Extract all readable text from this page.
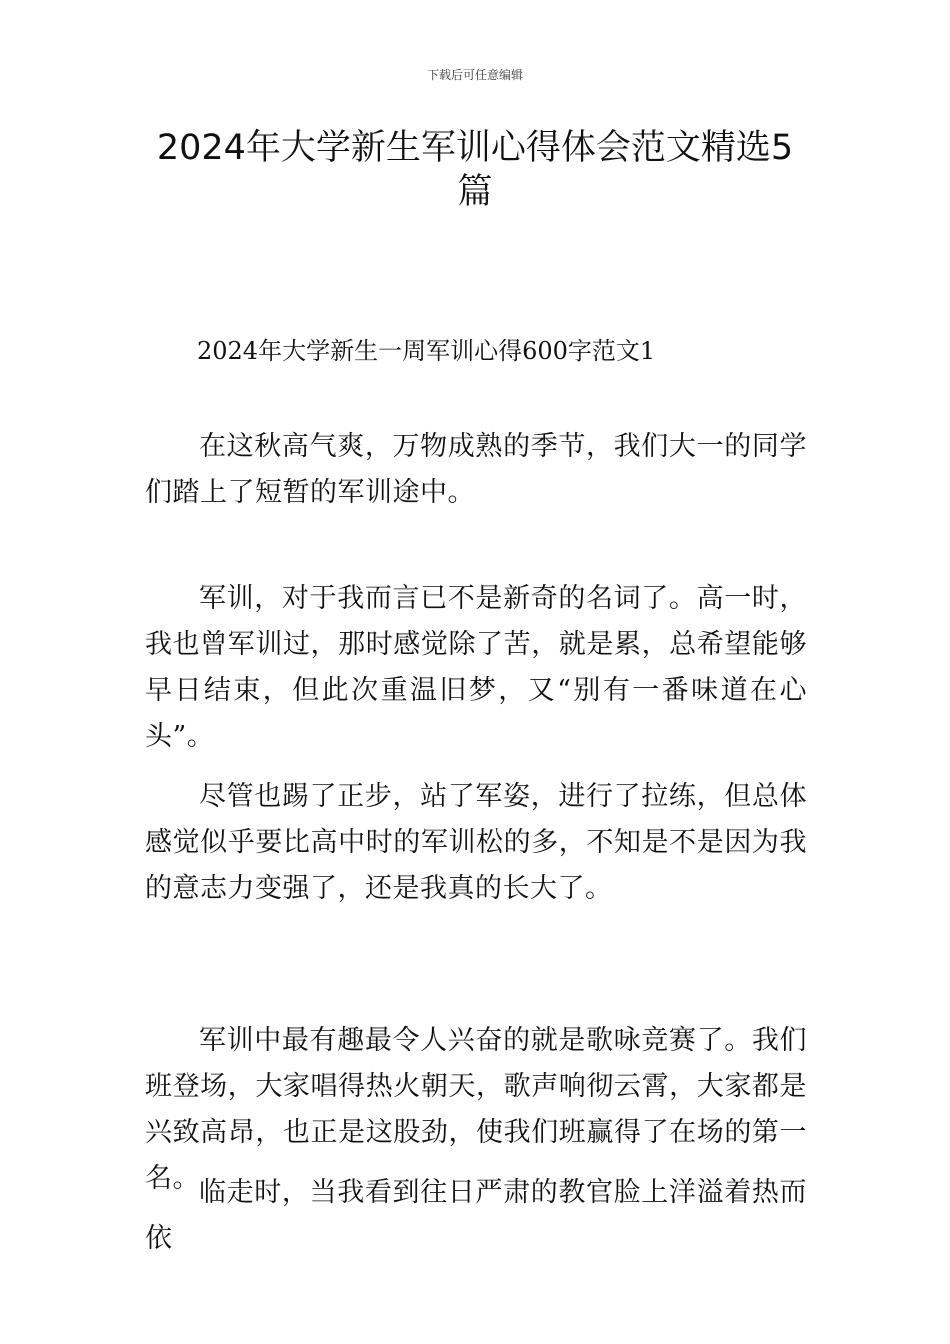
下载后可任意编辑
2024年大学新生军训心得体会范文精选5篇

2024年大学新生一周军训心得600字范文1

在这秋高气爽，万物成熟的季节，我们大一的同学们踏上了短暂的军训途中。

军训，对于我而言已不是新奇的名词了。高一时，我也曾军训过，那时感觉除了苦，就是累，总希望能够早日结束，但此次重温旧梦，又“别有一番味道在心头”。

尽管也踢了正步，站了军姿，进行了拉练，但总体感觉似乎要比高中时的军训松的多，不知是不是因为我的意志力变强了，还是我真的长大了。

军训中最有趣最令人兴奋的就是歌咏竞赛了。我们班登场，大家唱得热火朝天，歌声响彻云霄，大家都是兴致高昂，也正是这股劲，使我们班赢得了在场的第一名。 临走时，当我看到往日严肃的教官脸上洋溢着热而依
